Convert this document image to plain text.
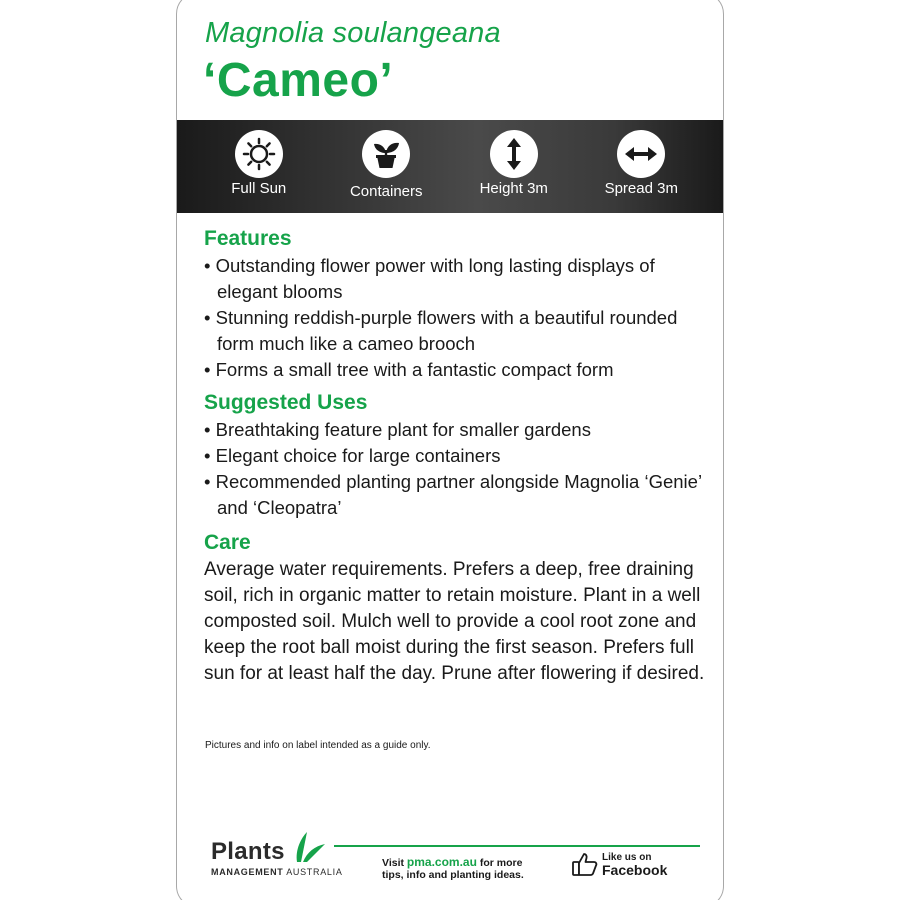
Magnolia soulangeana
‘Cameo’
Full Sun	Containers	Height 3m	Spread 3m
Features
• Outstanding flower power with long lasting displays of elegant blooms
• Stunning reddish-purple flowers with a beautiful rounded form much like a cameo brooch
• Forms a small tree with a fantastic compact form
Suggested Uses
• Breathtaking feature plant for smaller gardens
• Elegant choice for large containers
• Recommended planting partner alongside Magnolia ‘Genie’ and ‘Cleopatra’
Care
Average water requirements. Prefers a deep, free draining soil, rich in organic matter to retain moisture. Plant in a well composted soil. Mulch well to provide a cool root zone and keep the root ball moist during the first season. Prefers full sun for at least half the day. Prune after flowering if desired.
Pictures and info on label intended as a guide only.
Plants
MANAGEMENT AUSTRALIA
Visit pma.com.au for more
tips, info and planting ideas.
Like us on
Facebook
